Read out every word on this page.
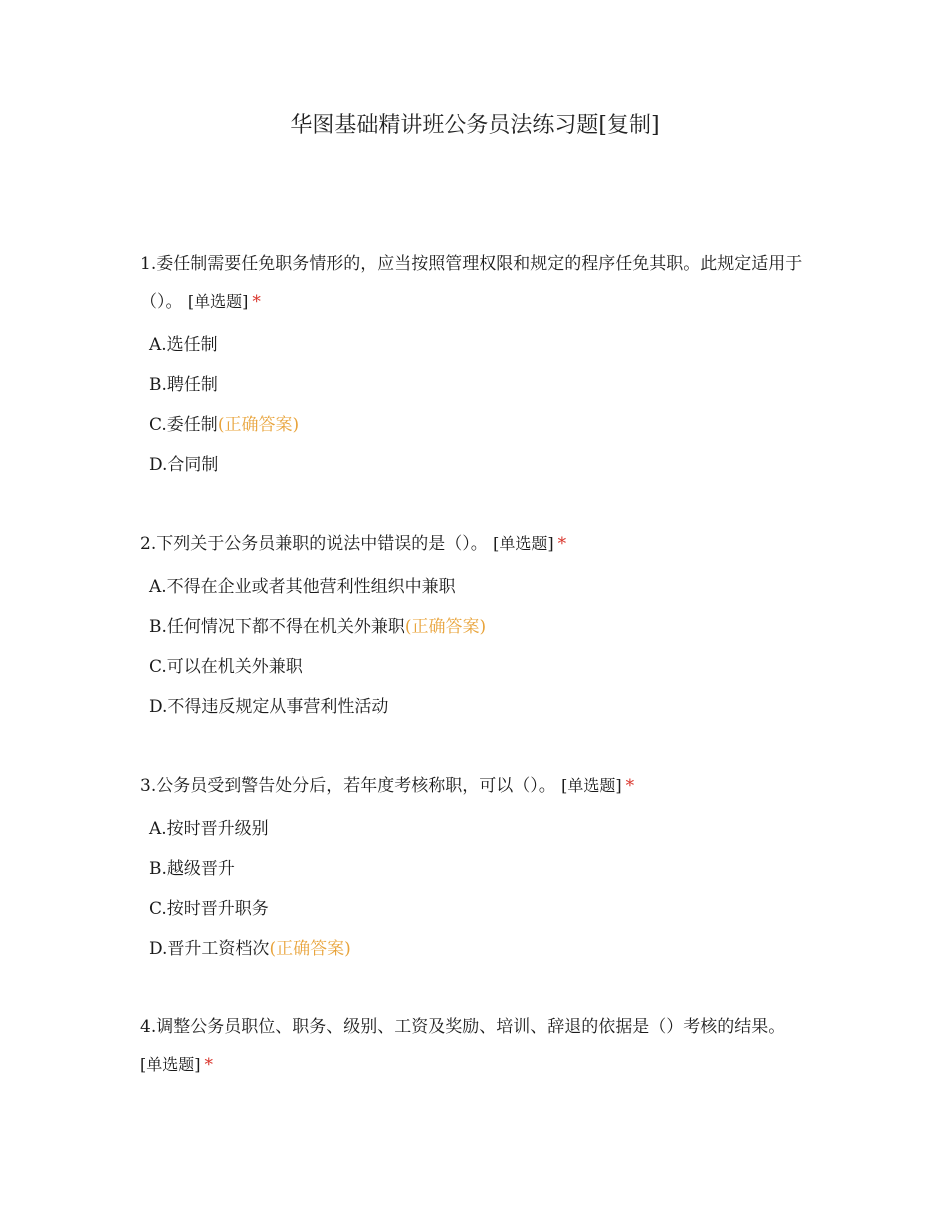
华图基础精讲班公务员法练习题[复制]

1.委任制需要任免职务情形的，应当按照管理权限和规定的程序任免其职。此规定适用于（）。 [单选题] *

A.选任制
B.聘任制
C.委任制(正确答案)
D.合同制

2.下列关于公务员兼职的说法中错误的是（）。 [单选题] *

A.不得在企业或者其他营利性组织中兼职
B.任何情况下都不得在机关外兼职(正确答案)
C.可以在机关外兼职
D.不得违反规定从事营利性活动

3.公务员受到警告处分后，若年度考核称职，可以（）。 [单选题] *

A.按时晋升级别
B.越级晋升
C.按时晋升职务
D.晋升工资档次(正确答案)

4.调整公务员职位、职务、级别、工资及奖励、培训、辞退的依据是（）考核的结果。 [单选题] *
